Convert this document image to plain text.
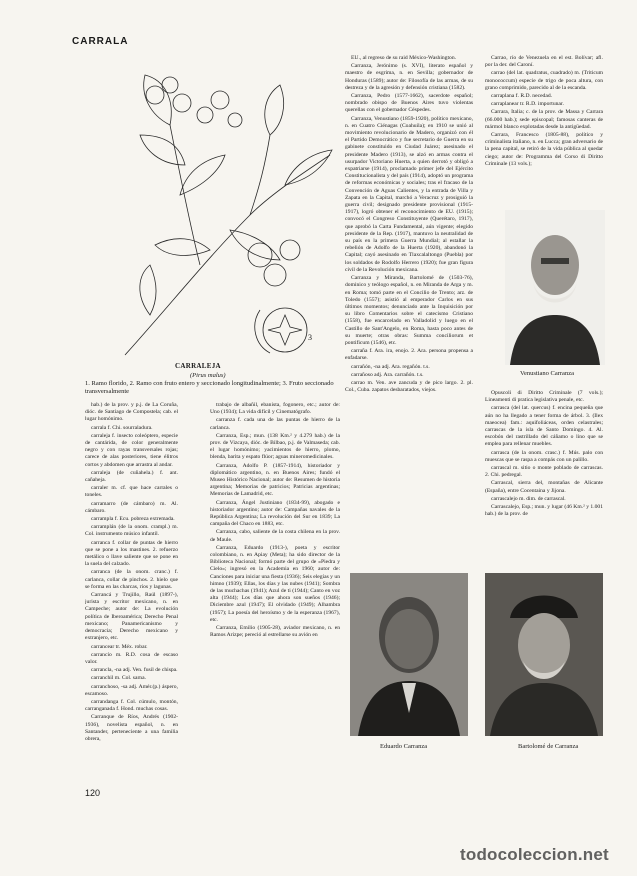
CARRALA
3
CARRALEJA
(Pirus malus)
1. Ramo florido, 2. Ramo con fruto entero y seccionado longitudinalmente; 3. Fruto seccionado transversalmente

hab.) de la prov. y p.j. de La Coruña, dióc. de Santiago de Compostela; cab. el lugar homónimo.

carrala f. Chi. sourraladura.

carraleja f. insecto coleóptero, especie de cantárida, de color generalmente negro y con rayas transversales rojas; carece de alas posteriores, tiene élitros cortos y abdomen que arrastra al andar.

carraleja (de cuñahela.) f. ant. cañaheja.

carraler m. cf. que hace carrales o toneles.

carramarro (de cámbaro) m. Al. cámbaro.

carrampla f. Ecu. pobreza extremada.

carramplán (de la onom. crampl.) m. Col. instrumento músico infantil.

carranca f. collar de puntas de hierro que se pone a los mastines. 2. refuerzo metálico o llave saliente que se pone en la suela del calzado.

carranca (de la onom. cranc.) f. carlanca, collar de pinchos. 2. hielo que se forma en las charcas, ríos y lagunas.

Carrancá y Trujillo, Raúl (1897-), jurista y escritor mexicano, n. en Campeche; autor de: La evolución política de Iberoamérica; Derecho Penal mexicano; Panamericanismo y democracia; Derecho mexicano y extranjero, etc.

carrancear tr. Méx. robar.

carrancío m. R.D. cosa de escaso valor.

carrancla, -na adj. Ven. fusil de chispa.

carranchil m. Col. sarna.

carranchoso, -sa adj. Amér.(p.) áspero, escamoso.

carrandanga f. Col. cúmulo, montón, carranganada f. Hond. muchas cosas.

Carranque de Ríos, Andrés (1902-1936), novelista español, n. en Santander, perteneciente a una familia obrera,

trabajo de albañil, ebanista, fogonero, etc.; autor de: Uno (1934); La vida difícil y Cinematógrafo.

carranza f. cada una de las puntas de hierro de la carlanca.

Carranza, Esp.; mun. (138 Km.² y 4.279 hab.) de la prov. de Vizcaya, dióc. de Bilbao, p.j. de Valmaseda; cab. el lugar homónimo; yacimientos de hierro, plomo, blenda, barita y espato flúor; aguas mineromedicinales.

Carranza, Adolfo P. (1857-1914), historiador y diplomático argentino, n. en Buenos Aires; fundó el Museo Histórico Nacional; autor de: Resumen de historia argentina; Memorias de patricios; Patricias argentinas; Memorias de Lamadrid, etc.

Carranza, Ángel Justiniano (1834-99), abogado e historiador argentino; autor de: Campañas navales de la República Argentina; La revolución del Sur en 1839; La campaña del Chaco en 1883, etc.

Carranza, cabo, saliente de la costa chilena en la prov. de Maule.

Carranza, Eduardo (1913-), poeta y escritor colombiano, n. en Apiay (Meta); ha sido director de la Biblioteca Nacional; formó parte del grupo de «Piedra y Cielo»; ingresó en la Academia en 1960; autor de: Canciones para iniciar una fiesta (1936); Seis elegías y un himno (1939); Ellas, los días y las nubes (1941); Sombra de las muchachas (1941); Azul de ti (1944); Canto en voz alta (1944); Los días que ahora son sueños (1946); Diciembre azul (1947); El olvidado (1949); Alhambra (1957); La poesía del heroísmo y de la esperanza (1967), etc.

Carranza, Emilio (1905-28), aviador mexicano, n. en Ramos Arizpe; pereció al estrellarse su avión en

EU., al regreso de su raid México-Washington.

Carranza, Jerónimo (s. XVI), literato español y maestro de esgrima, n. en Sevilla; gobernador de Honduras (1589); autor de: Filosofía de las armas, de su destreza y de la agresión y defensión cristiana (1582).

Carranza, Pedro (1577-1662), sacerdote español; nombrado obispo de Buenos Aires tuvo violentas querellas con el gobernador Céspedes.

Carranza, Venustiano (1859-1920), político mexicano, n. en Cuatro Ciénagas (Coahuila); en 1910 se unió al movimiento revolucionario de Madero, organizó con él el Partido Democrático y fue secretario de Guerra en su gabinete constituido en Ciudad Juárez; asesinado el presidente Madero (1913), se alzó en armas contra el usurpador Victoriano Huerta, a quien derrotó y obligó a expatriarse (1914), proclamado primer jefe del Ejército Constitucionalista y del país (1914), adoptó un programa de reformas económicas y sociales; tras el fracaso de la Convención de Aguas Calientes, y la entrada de Villa y Zapata en la Capital, marchó a Veracruz y prosiguió la guerra civil; designado presidente provisional (1915-1917), logró obtener el reconocimiento de EU. (1915); convocó el Congreso Constituyente (Querétaro, 1917), que aprobó la Carta Fundamental, aún vigente; elegido presidente de la Rep. (1917), mantuvo la neutralidad de su país en la primera Guerra Mundial; al estallar la rebelión de Adolfo de la Huerta (1920), abandonó la Capital; cayó asesinado en Tlaxcalaltongo (Puebla) por los soldados de Rodolfo Herrero (1920); fue gran figura civil de la Revolución mexicana.

Carranza y Miranda, Bartolomé de (1503-76), dominico y teólogo español, n. en Miranda de Arga y m. en Roma; tomó parte en el Concilio de Trento; arz. de Toledo (1557); asistió al emperador Carlos en sus últimos momentos; denunciado ante la Inquisición por su libro Comentarios sobre el catecismo Cristiano (1558), fue encarcelado en Valladolid y luego en el Castillo de Sant'Angelo, en Roma, hasta poco antes de su muerte; otras obras: Summa conciliorum et pontificum (1546), etc.

carraña f. Ara. ira, enojo. 2. Ara. persona propensa a enfadarse.

carrañón, -na adj. Ara. regañón. t.s.

carrañoso adj. Ara. carrañón. t.s.

carrao m. Ven. ave zancuda y de pico largo. 2. pl. Col., Cuba. zapatos desbaratados, viejos.

Carrao, río de Venezuela en el est. Bolívar; afl. por la der. del Caroní.

carrao (del lat. quadratus, cuadrado) m. (Triticum monococcum) especie de trigo de poca altura, con grano comprimido, parecido al de la escanda.

carraplana f. R.D. necedad.

carraplanear tr. R.D. importunar.

Carrara, Italia; c. de la prov. de Massa y Carrara (66.000 hab.); sede episcopal; famosas canteras de mármol blanco explotadas desde la antigüedad.

Carrara, Francesco (1805-88), político y criminalista italiano, n. en Lucca; gran adversario de la pena capital, se retiró de la vida pública al quedar ciego; autor de: Programma del Corso di Diritto Criminale (13 vols.);

Venustiano Carranza

Opuscoli di Diritto Criminale (7 vols.); Lineamenti di pratica legislativa penale, etc.

carrasca (del lat. quercus) f. encina pequeña que aún no ha llegado a tener forma de árbol. 3. (Ilex maeocea) fam.: aquifoliáceas, orden celastrales; carrascas de la isla de Santo Domingo. 4. Al. escobón del rastrillado del cáñamo o lino que se emplea para rellenar muebles.

carrasca (de la onom. crasc.) f. Mús. palo con muescas que se raspa a compás con un palillo.

carrascal m. sitio o monte poblado de carrascas. 2. Chi. pedregal.

Carrascal, sierra del, montañas de Alicante (España), entre Cocentaina y Jijona.

carrascalejo m. dim. de carrascal.

Carrascalejo, Esp.; mun. y lugar (46 Km.² y 1.001 hab.) de la prov. de

Eduardo Carranza	Bartolomé de Carranza
120
todocoleccion.net
